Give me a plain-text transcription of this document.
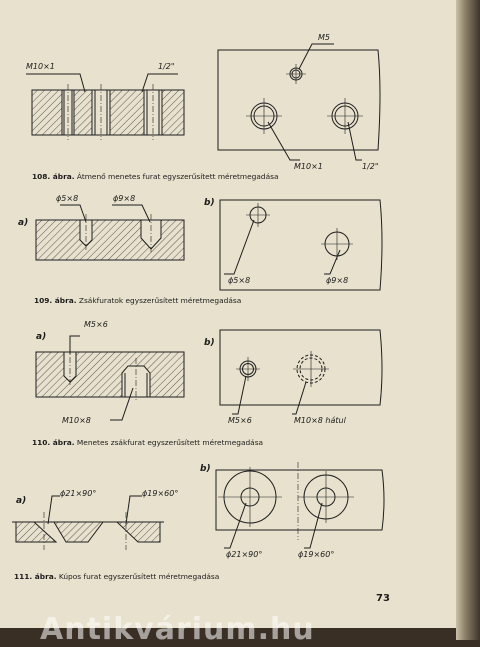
M10×1	1/2"
M5
M10×1	1/2"
108. ábra. Átmenő menetes furat egyszerűsített méretmegadása
a)
b)
ϕ5×8	ϕ9×8
ϕ5×8	ϕ9×8
109. ábra. Zsákfuratok egyszerűsített méretmegadása
a)
b)
M5×6
M10×8	M5×6	M10×8 hátul
110. ábra. Menetes zsákfurat egyszerűsített méretmegadása
a)
b)
ϕ21×90°	ϕ19×60°
ϕ21×90°	ϕ19×60°
111. ábra. Kúpos furat egyszerűsített méretmegadása
73
Antikvárium.hu
